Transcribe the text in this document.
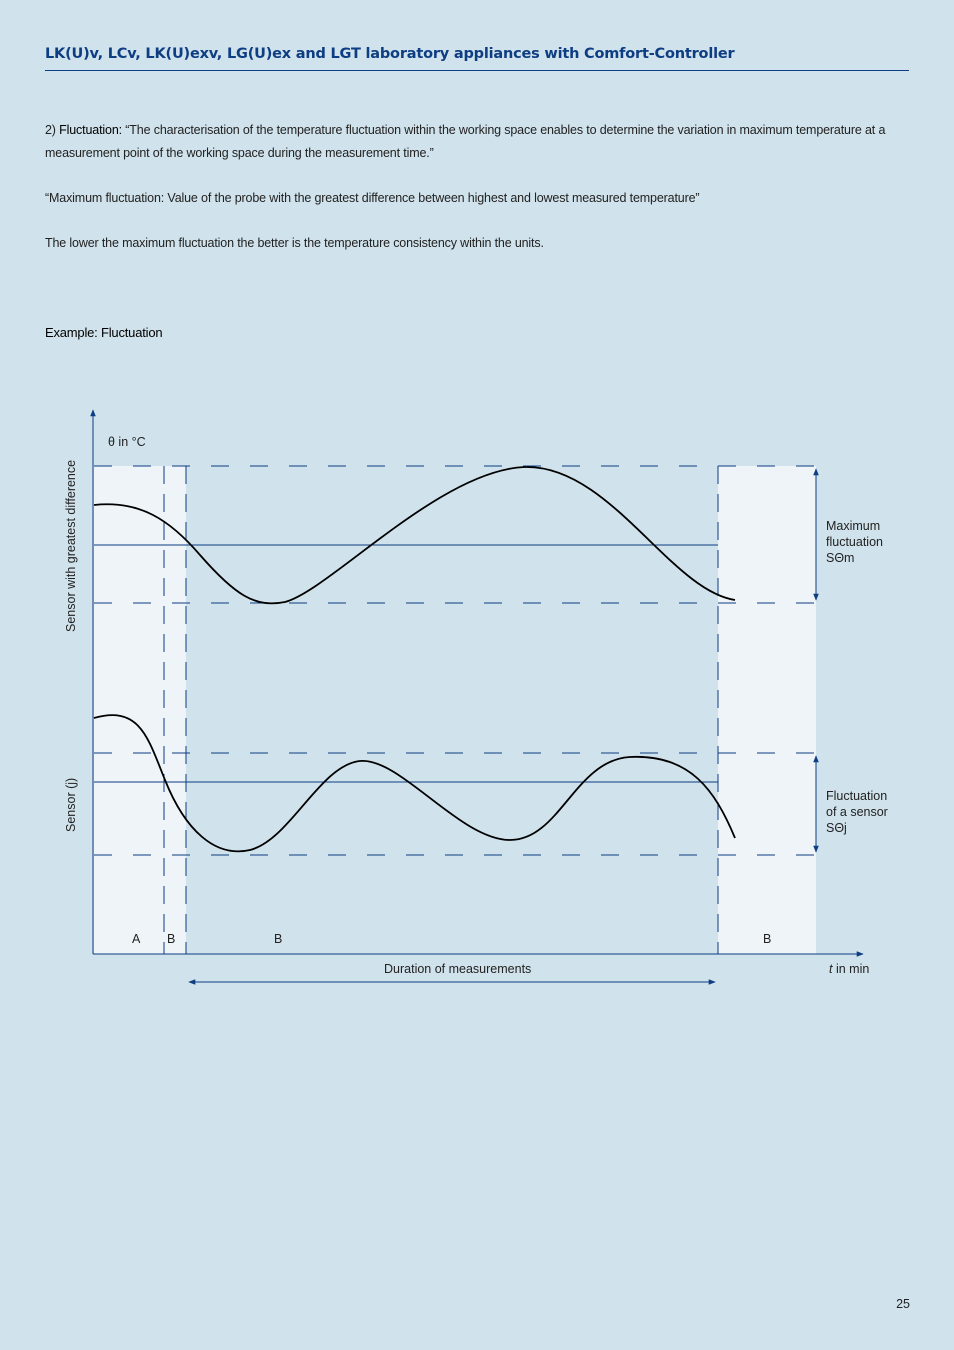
LK(U)v, LCv, LK(U)exv, LG(U)ex and LGT laboratory appliances with Comfort-Controller
2) Fluctuation: “The characterisation of the temperature fluctuation within the working space enables to determine the variation in maximum temperature at a measurement point of the working space during the measurement time.”
“Maximum fluctuation: Value of the probe with the greatest difference between highest and lowest measured temperature”
The lower the maximum fluctuation the better is the temperature consistency within the units.
Example: Fluctuation
θ in °C
t in min
Sensor with greatest difference
Sensor (j)
A B	B	B
Duration of measurements
Maximum
fluctuation
SΘm
Fluctuation
of a sensor
SΘj
25
